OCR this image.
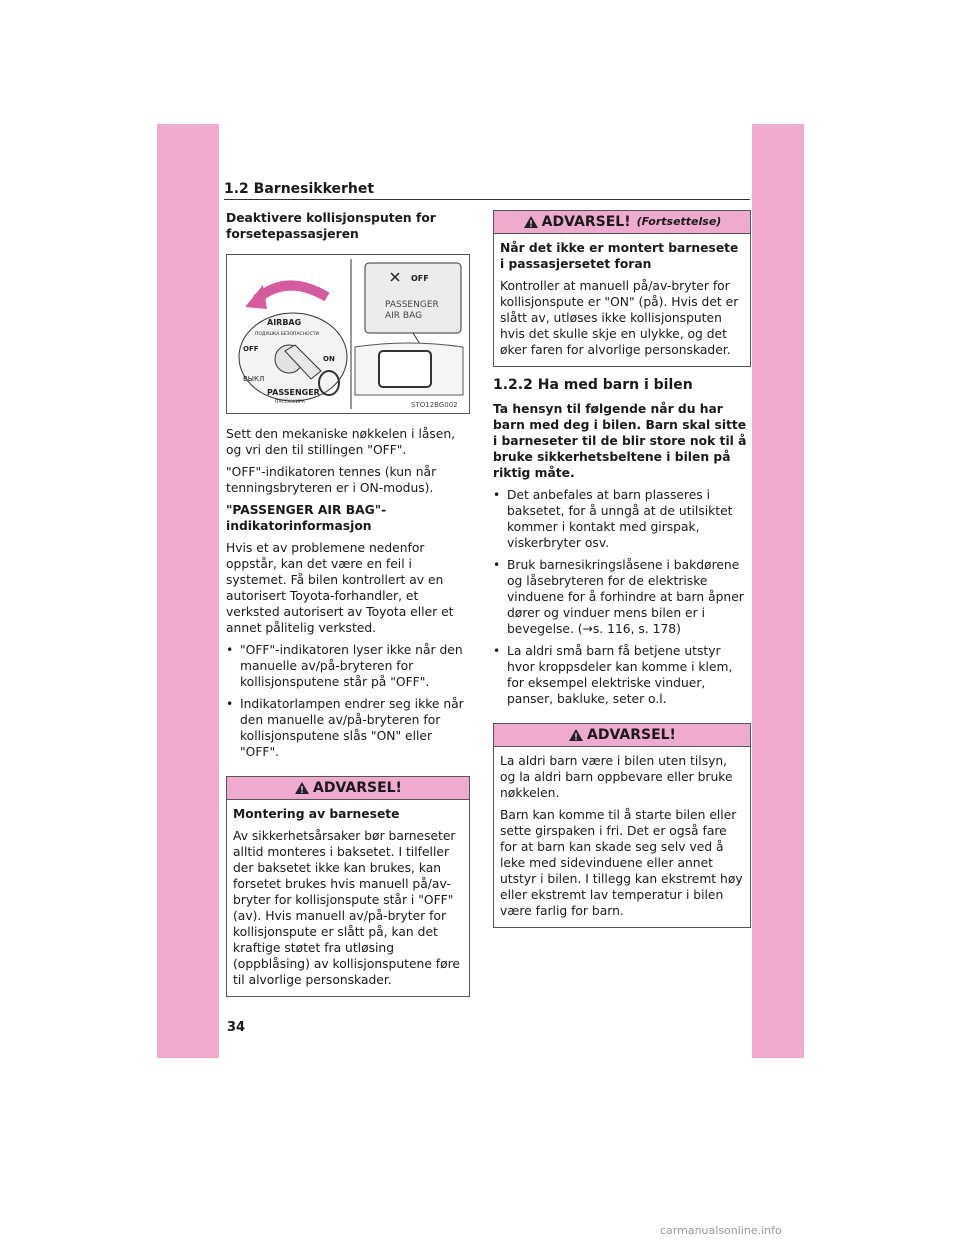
1.2 Barnesikkerhet

Deaktivere kollisjonsputen for forsetepassasjeren

AIRBAG
ПОДУШКА БЕЗОПАСНОСТИ
OFF
ON
ВЫКЛ
PASSENGER
ПАССАЖИРА
OFF
PASSENGER
AIR BAG
STO12BG002

Sett den mekaniske nøkkelen i låsen, og vri den til stillingen "OFF".

"OFF"-indikatoren tennes (kun når tenningsbryteren er i ON-modus).

"PASSENGER AIR BAG"-indikatorinformasjon

Hvis et av problemene nedenfor oppstår, kan det være en feil i systemet. Få bilen kontrollert av en autorisert Toyota-forhandler, et verksted autorisert av Toyota eller et annet pålitelig verksted.

• "OFF"-indikatoren lyser ikke når den manuelle av/på-bryteren for kollisjonsputene står på "OFF".
• Indikatorlampen endrer seg ikke når den manuelle av/på-bryteren for kollisjonsputene slås "ON" eller "OFF".
ADVARSEL!

Montering av barnesete

Av sikkerhetsårsaker bør barneseter alltid monteres i baksetet. I tilfeller der baksetet ikke kan brukes, kan forsetet brukes hvis manuell på/av-bryter for kollisjonspute står i "OFF" (av). Hvis manuell av/på-bryter for kollisjonspute er slått på, kan det kraftige støtet fra utløsing (oppblåsing) av kollisjonsputene føre til alvorlige personskader.

ADVARSEL! (Fortsettelse)

Når det ikke er montert barnesete i passasjersetet foran

Kontroller at manuell på/av-bryter for kollisjonspute er "ON" (på). Hvis det er slått av, utløses ikke kollisjonsputen hvis det skulle skje en ulykke, og det øker faren for alvorlige personskader.

1.2.2 Ha med barn i bilen

Ta hensyn til følgende når du har barn med deg i bilen. Barn skal sitte i barneseter til de blir store nok til å bruke sikkerhetsbeltene i bilen på riktig måte.

• Det anbefales at barn plasseres i baksetet, for å unngå at de utilsiktet kommer i kontakt med girspak, viskerbryter osv.
• Bruk barnesikringslåsene i bakdørene og låsebryteren for de elektriske vinduene for å forhindre at barn åpner dører og vinduer mens bilen er i bevegelse. (→s. 116, s. 178)
• La aldri små barn få betjene utstyr hvor kroppsdeler kan komme i klem, for eksempel elektriske vinduer, panser, bakluke, seter o.l.
ADVARSEL!

La aldri barn være i bilen uten tilsyn, og la aldri barn oppbevare eller bruke nøkkelen.

Barn kan komme til å starte bilen eller sette girspaken i fri. Det er også fare for at barn kan skade seg selv ved å leke med sidevinduene eller annet utstyr i bilen. I tillegg kan ekstremt høy eller ekstremt lav temperatur i bilen være farlig for barn.

34
carmanualsonline.info
